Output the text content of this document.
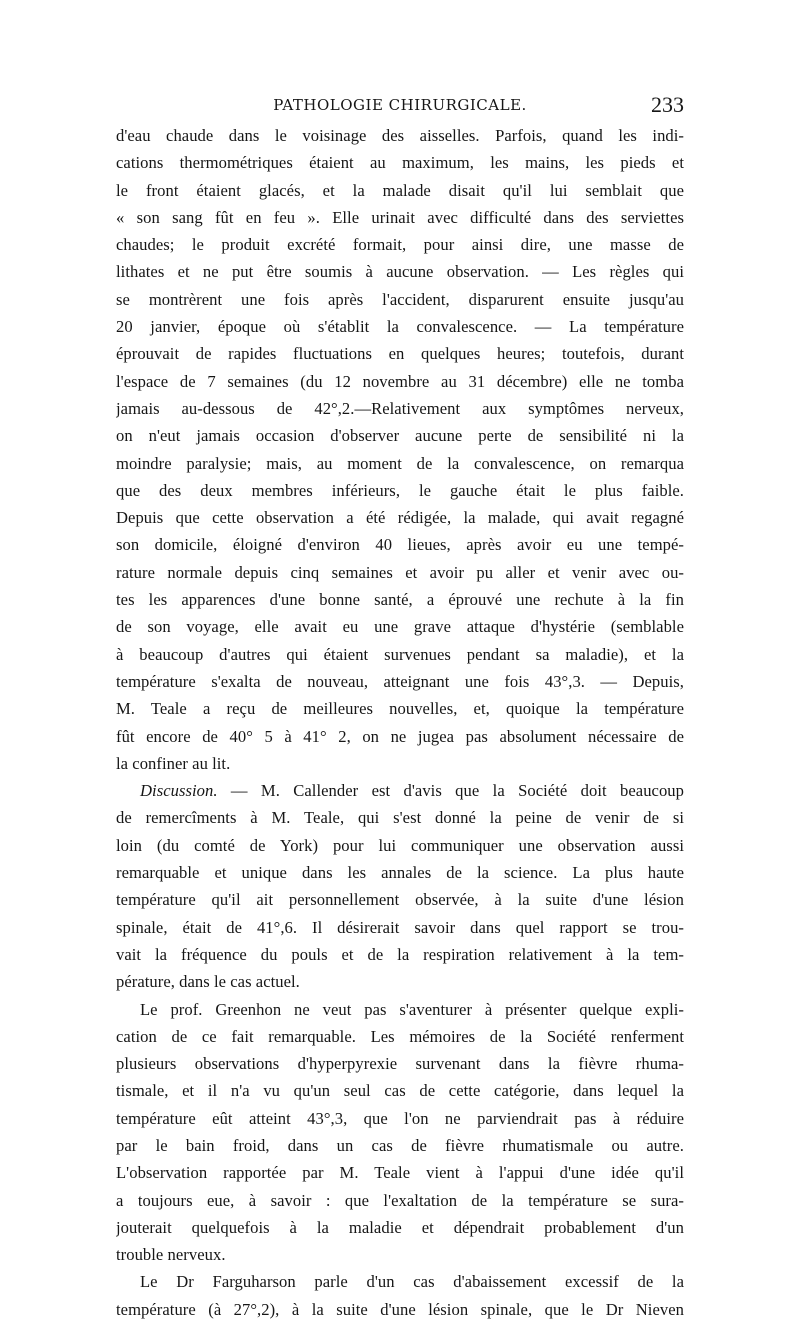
PATHOLOGIE CHIRURGICALE.	233
d'eau chaude dans le voisinage des aisselles. Parfois, quand les indi-
cations thermométriques étaient au maximum, les mains, les pieds et
le front étaient glacés, et la malade disait qu'il lui semblait que
« son sang fût en feu ». Elle urinait avec difficulté dans des serviettes
chaudes; le produit excrété formait, pour ainsi dire, une masse de
lithates et ne put être soumis à aucune observation. — Les règles qui
se montrèrent une fois après l'accident, disparurent ensuite jusqu'au
20 janvier, époque où s'établit la convalescence. — La température
éprouvait de rapides fluctuations en quelques heures; toutefois, durant
l'espace de 7 semaines (du 12 novembre au 31 décembre) elle ne tomba
jamais au-dessous de 42°,2.—Relativement aux symptômes nerveux,
on n'eut jamais occasion d'observer aucune perte de sensibilité ni la
moindre paralysie; mais, au moment de la convalescence, on remarqua
que des deux membres inférieurs, le gauche était le plus faible.
Depuis que cette observation a été rédigée, la malade, qui avait regagné
son domicile, éloigné d'environ 40 lieues, après avoir eu une tempé-
rature normale depuis cinq semaines et avoir pu aller et venir avec ou-
tes les apparences d'une bonne santé, a éprouvé une rechute à la fin
de son voyage, elle avait eu une grave attaque d'hystérie (semblable
à beaucoup d'autres qui étaient survenues pendant sa maladie), et la
température s'exalta de nouveau, atteignant une fois 43°,3. — Depuis,
M. Teale a reçu de meilleures nouvelles, et, quoique la température
fût encore de 40° 5 à 41° 2, on ne jugea pas absolument nécessaire de
la confiner au lit.
Discussion. — M. Callender est d'avis que la Société doit beaucoup
de remercîments à M. Teale, qui s'est donné la peine de venir de si
loin (du comté de York) pour lui communiquer une observation aussi
remarquable et unique dans les annales de la science. La plus haute
température qu'il ait personnellement observée, à la suite d'une lésion
spinale, était de 41°,6. Il désirerait savoir dans quel rapport se trou-
vait la fréquence du pouls et de la respiration relativement à la tem-
pérature, dans le cas actuel.
Le prof. Greenhon ne veut pas s'aventurer à présenter quelque expli-
cation de ce fait remarquable. Les mémoires de la Société renferment
plusieurs observations d'hyperpyrexie survenant dans la fièvre rhuma-
tismale, et il n'a vu qu'un seul cas de cette catégorie, dans lequel la
température eût atteint 43°,3, que l'on ne parviendrait pas à réduire
par le bain froid, dans un cas de fièvre rhumatismale ou autre.
L'observation rapportée par M. Teale vient à l'appui d'une idée qu'il
a toujours eue, à savoir : que l'exaltation de la température se sura-
jouterait quelquefois à la maladie et dépendrait probablement d'un
trouble nerveux.
Le Dr Farguharson parle d'un cas d'abaissement excessif de la
température (à 27°,2), à la suite d'une lésion spinale, que le Dr Nieven
